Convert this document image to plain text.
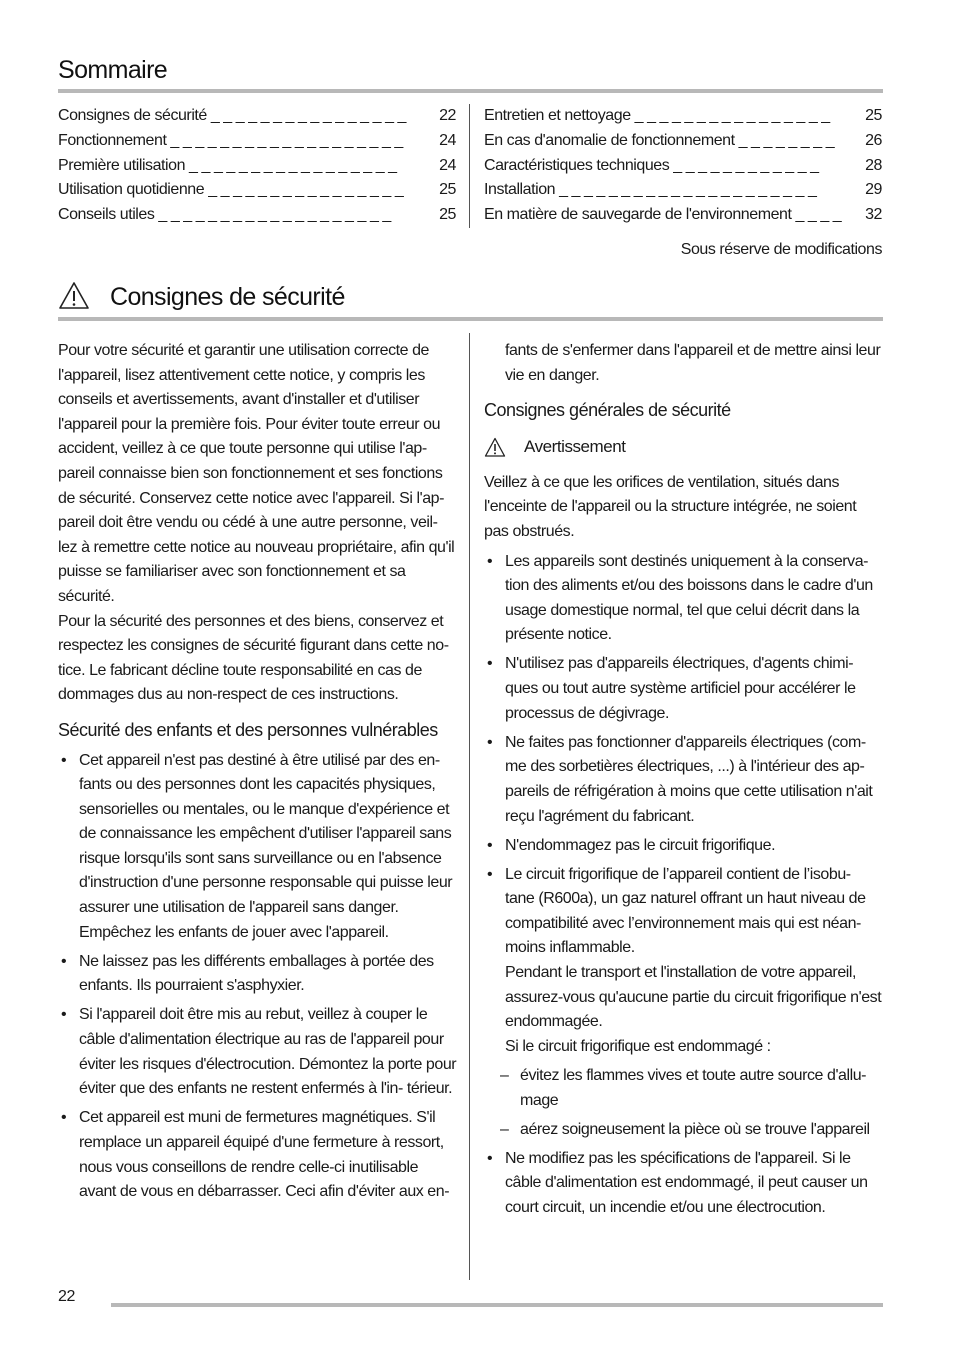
Sommaire
Consignes de sécurité _ _ _ _ _ _ _ _ _ _ _ _ _ _ _ _ 22
Fonctionnement _ _ _ _ _ _ _ _ _ _ _ _ _ _ _ _ _ _ _ 24
Première utilisation _ _ _ _ _ _ _ _ _ _ _ _ _ _ _ _ _	24
Utilisation quotidienne _ _ _ _ _ _ _ _ _ _ _ _ _ _ _ _ 25
Conseils utiles _ _ _ _ _ _ _ _ _ _ _ _ _ _ _ _ _ _ _	25
Entretien et nettoyage _ _ _ _ _ _ _ _ _ _ _ _ _ _ _ _ 25
En cas d'anomalie de fonctionnement _ _ _ _ _ _ _ _ 26
Caractéristiques techniques _ _ _ _ _ _ _ _ _ _ _ _	28
Installation _ _ _ _ _ _ _ _ _ _ _ _ _ _ _ _ _ _ _ _ _	29
En matière de sauvegarde de l'environnement _ _ _ _ 32
Sous réserve de modifications
Consignes de sécurité

Pour votre sécurité et garantir une utilisation correcte de l'appareil, lisez attentivement cette notice, y compris les conseils et avertissements, avant d'installer et d'utiliser l'appareil pour la première fois. Pour éviter toute erreur ou accident, veillez à ce que toute personne qui utilise l'ap- pareil connaisse bien son fonctionnement et ses fonctions de sécurité. Conservez cette notice avec l'appareil. Si l'ap- pareil doit être vendu ou cédé à une autre personne, veil- lez à remettre cette notice au nouveau propriétaire, afin qu'il puisse se familiariser avec son fonctionnement et sa sécurité.

Pour la sécurité des personnes et des biens, conservez et respectez les consignes de sécurité figurant dans cette no- tice. Le fabricant décline toute responsabilité en cas de dommages dus au non-respect de ces instructions.

Sécurité des enfants et des personnes vulnérables
• Cet appareil n'est pas destiné à être utilisé par des en- fants ou des personnes dont les capacités physiques, sensorielles ou mentales, ou le manque d'expérience et de connaissance les empêchent d'utiliser l'appareil sans risque lorsqu'ils sont sans surveillance ou en l'absence d'instruction d'une personne responsable qui puisse leur assurer une utilisation de l'appareil sans danger.
Empêchez les enfants de jouer avec l'appareil.
• Ne laissez pas les différents emballages à portée des enfants. Ils pourraient s'asphyxier.
• Si l'appareil doit être mis au rebut, veillez à couper le câble d'alimentation électrique au ras de l'appareil pour éviter les risques d'électrocution. Démontez la porte pour éviter que des enfants ne restent enfermés à l'in- térieur.
• Cet appareil est muni de fermetures magnétiques. S'il remplace un appareil équipé d'une fermeture à ressort, nous vous conseillons de rendre celle-ci inutilisable avant de vous en débarrasser. Ceci afin d'éviter aux en-

fants de s'enfermer dans l'appareil et de mettre ainsi leur vie en danger.

Consignes générales de sécurité
Avertissement

Veillez à ce que les orifices de ventilation, situés dans l'enceinte de l'appareil ou la structure intégrée, ne soient pas obstrués.

• Les appareils sont destinés uniquement à la conserva- tion des aliments et/ou des boissons dans le cadre d'un usage domestique normal, tel que celui décrit dans la présente notice.
• N'utilisez pas d'appareils électriques, d'agents chimi- ques ou tout autre système artificiel pour accélérer le processus de dégivrage.
• Ne faites pas fonctionner d'appareils électriques (com- me des sorbetières électriques, ...) à l'intérieur des ap- pareils de réfrigération à moins que cette utilisation n'ait reçu l'agrément du fabricant.
• N'endommagez pas le circuit frigorifique.
• Le circuit frigorifique de l’appareil contient de l’isobu- tane (R600a), un gaz naturel offrant un haut niveau de compatibilité avec l’environnement mais qui est néan- moins inflammable.
Pendant le transport et l'installation de votre appareil, assurez-vous qu'aucune partie du circuit frigorifique n'est endommagée.
Si le circuit frigorifique est endommagé :
– évitez les flammes vives et toute autre source d'allu- mage
– aérez soigneusement la pièce où se trouve l'appareil
• Ne modifiez pas les spécifications de l'appareil. Si le câble d'alimentation est endommagé, il peut causer un court circuit, un incendie et/ou une électrocution.
22
